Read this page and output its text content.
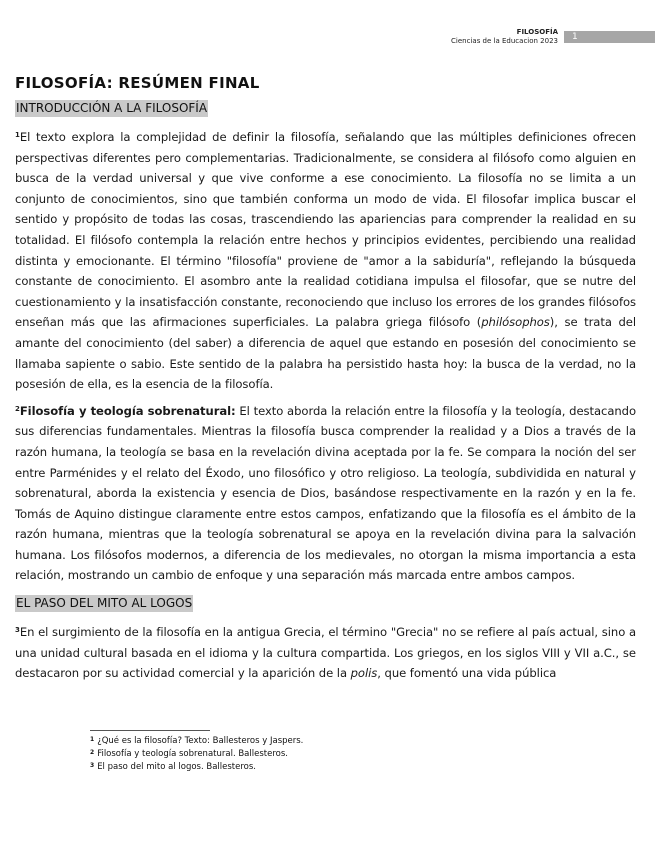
FILOSOFÍA
Ciencias de la Educacion 2023	1
FILOSOFÍA: RESÚMEN FINAL
INTRODUCCIÓN A LA FILOSOFÍA

$^1$El texto explora la complejidad de definir la filosofía, señalando que las múltiples definiciones ofrecen perspectivas diferentes pero complementarias. Tradicionalmente, se considera al filósofo como alguien en busca de la verdad universal y que vive conforme a ese conocimiento. La filosofía no se limita a un conjunto de conocimientos, sino que también conforma un modo de vida. El filosofar implica buscar el sentido y propósito de todas las cosas, trascendiendo las apariencias para comprender la realidad en su totalidad. El filósofo contempla la relación entre hechos y principios evidentes, percibiendo una realidad distinta y emocionante. El término "filosofía" proviene de "amor a la sabiduría", reflejando la búsqueda constante de conocimiento. El asombro ante la realidad cotidiana impulsa el filosofar, que se nutre del cuestionamiento y la insatisfacción constante, reconociendo que incluso los errores de los grandes filósofos enseñan más que las afirmaciones superficiales. La palabra griega filósofo (philósophos), se trata del amante del conocimiento (del saber) a diferencia de aquel que estando en posesión del conocimiento se llamaba sapiente o sabio. Este sentido de la palabra ha persistido hasta hoy: la busca de la verdad, no la posesión de ella, es la esencia de la filosofía.

$^2$Filosofía y teología sobrenatural: El texto aborda la relación entre la filosofía y la teología, destacando sus diferencias fundamentales. Mientras la filosofía busca comprender la realidad y a Dios a través de la razón humana, la teología se basa en la revelación divina aceptada por la fe. Se compara la noción del ser entre Parménides y el relato del Éxodo, uno filosófico y otro religioso. La teología, subdividida en natural y sobrenatural, aborda la existencia y esencia de Dios, basándose respectivamente en la razón y en la fe. Tomás de Aquino distingue claramente entre estos campos, enfatizando que la filosofía es el ámbito de la razón humana, mientras que la teología sobrenatural se apoya en la revelación divina para la salvación humana. Los filósofos modernos, a diferencia de los medievales, no otorgan la misma importancia a esta relación, mostrando un cambio de enfoque y una separación más marcada entre ambos campos.

EL PASO DEL MITO AL LOGOS

$^3$En el surgimiento de la filosofía en la antigua Grecia, el término "Grecia" no se refiere al país actual, sino a una unidad cultural basada en el idioma y la cultura compartida. Los griegos, en los siglos VIII y VII a.C., se destacaron por su actividad comercial y la aparición de la polis, que fomentó una vida pública

$^1$ ¿Qué es la filosofía? Texto: Ballesteros y Jaspers.
$^2$ Filosofía y teología sobrenatural. Ballesteros.
$^3$ El paso del mito al logos. Ballesteros.
